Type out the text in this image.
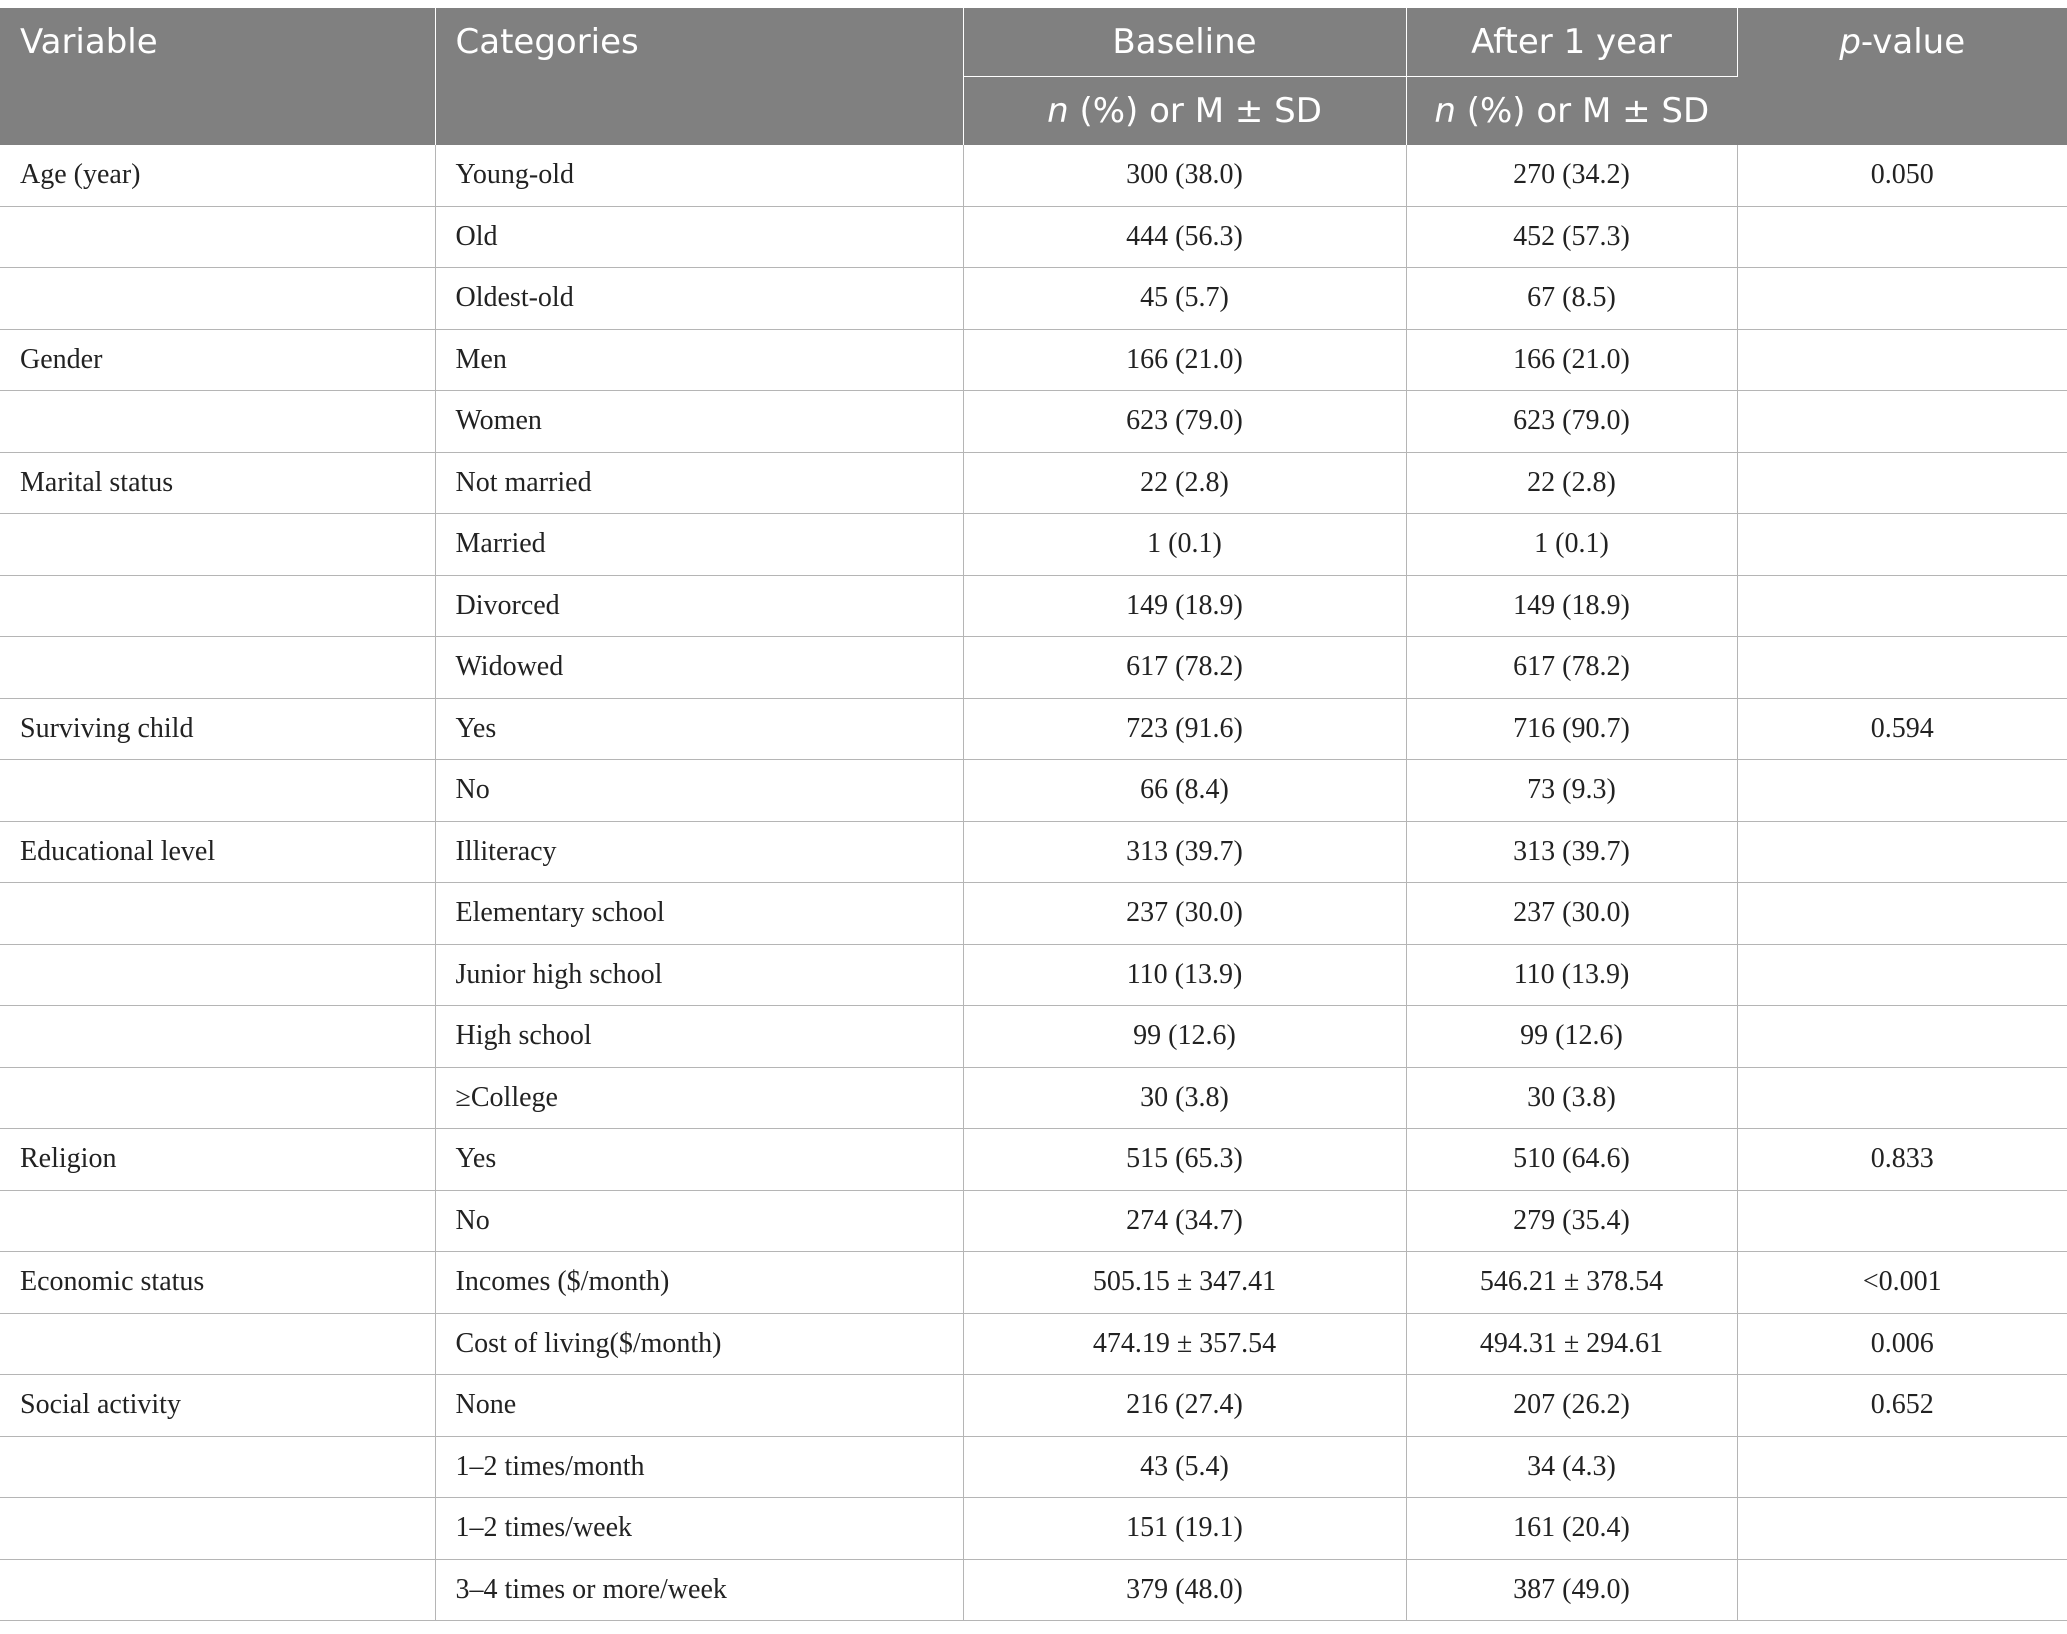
Variable	Categories	Baseline	After 1 year	p-value
		n (%) or M ± SD	n (%) or M ± SD	
Age (year)	Young-old	300 (38.0)	270 (34.2)	0.050
	Old	444 (56.3)	452 (57.3)	
	Oldest-old	45 (5.7)	67 (8.5)	
Gender	Men	166 (21.0)	166 (21.0)	
	Women	623 (79.0)	623 (79.0)	
Marital status	Not married	22 (2.8)	22 (2.8)	
	Married	1 (0.1)	1 (0.1)	
	Divorced	149 (18.9)	149 (18.9)	
	Widowed	617 (78.2)	617 (78.2)	
Surviving child	Yes	723 (91.6)	716 (90.7)	0.594
	No	66 (8.4)	73 (9.3)	
Educational level	Illiteracy	313 (39.7)	313 (39.7)	
	Elementary school	237 (30.0)	237 (30.0)	
	Junior high school	110 (13.9)	110 (13.9)	
	High school	99 (12.6)	99 (12.6)	
	≥College	30 (3.8)	30 (3.8)	
Religion	Yes	515 (65.3)	510 (64.6)	0.833
	No	274 (34.7)	279 (35.4)	
Economic status	Incomes ($/month)	505.15 ± 347.41	546.21 ± 378.54	<0.001
	Cost of living($/month)	474.19 ± 357.54	494.31 ± 294.61	0.006
Social activity	None	216 (27.4)	207 (26.2)	0.652
	1–2 times/month	43 (5.4)	34 (4.3)	
	1–2 times/week	151 (19.1)	161 (20.4)	
	3–4 times or more/week	379 (48.0)	387 (49.0)	
